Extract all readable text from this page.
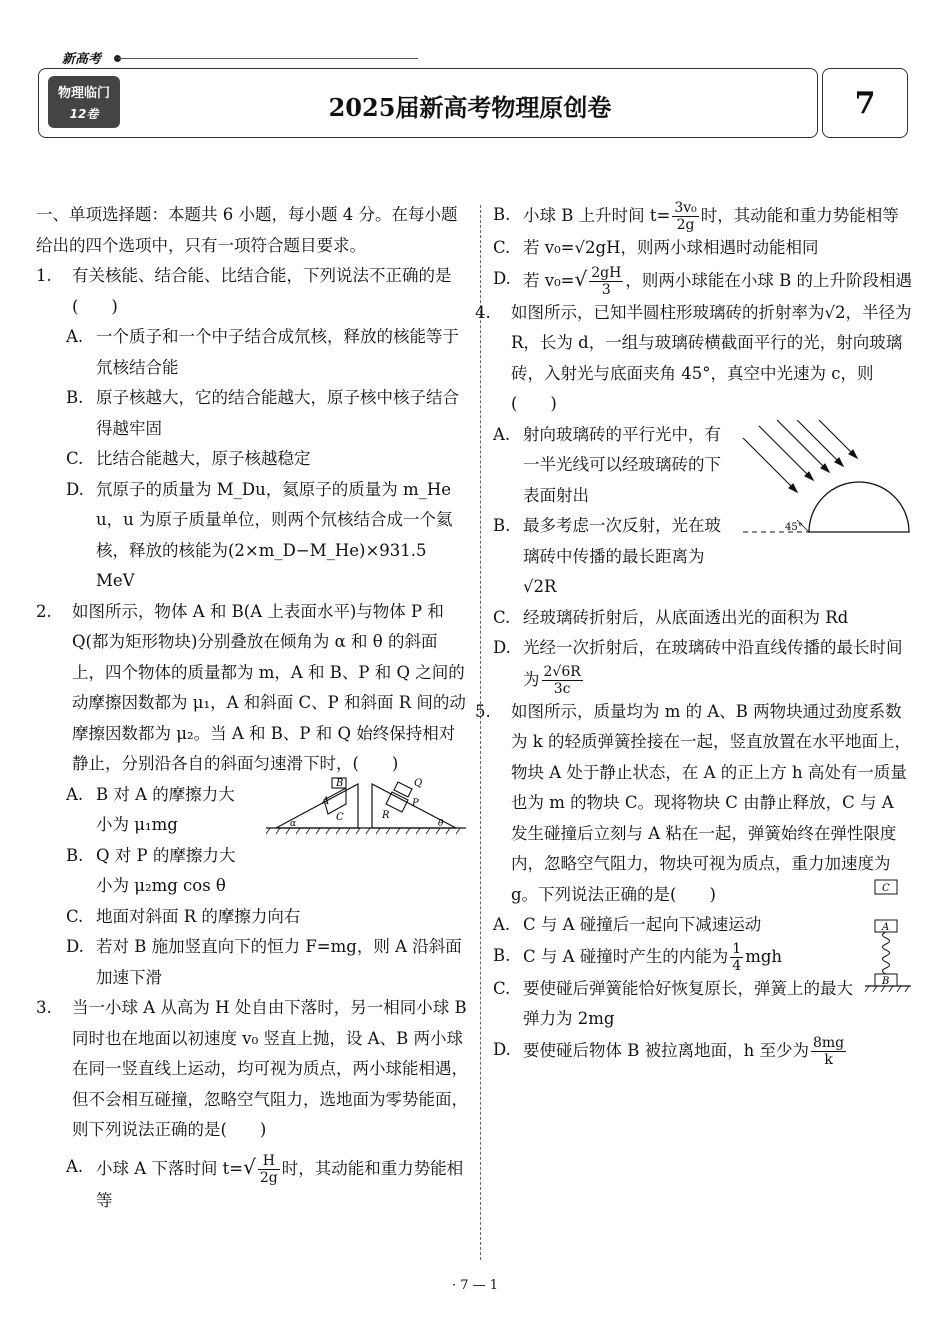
新高考
物理临门
12卷	2025届新高考物理原创卷	7
一、单项选择题：本题共 6 小题，每小题 4 分。在每小题给出的四个选项中，只有一项符合题目要求。
1. 有关核能、结合能、比结合能，下列说法不正确的是(　　)
A. 一个质子和一个中子结合成氘核，释放的核能等于氘核结合能
B. 原子核越大，它的结合能越大，原子核中核子结合得越牢固
C. 比结合能越大，原子核越稳定
D. 氘原子的质量为 M_Du，氦原子的质量为 m_He u，u 为原子质量单位，则两个氘核结合成一个氦核，释放的核能为(2×m_D−M_He)×931.5 MeV
2. 如图所示，物体 A 和 B(A 上表面水平)与物体 P 和 Q(都为矩形物块)分别叠放在倾角为 α 和 θ 的斜面上，四个物体的质量都为 m，A 和 B、P 和 Q 之间的动摩擦因数都为 μ₁，A 和斜面 C、P 和斜面 R 间的动摩擦因数都为 μ₂。当 A 和 B、P 和 Q 始终保持相对静止，分别沿各自的斜面匀速滑下时，(　　)
A. B 对 A 的摩擦力大小为 μ₁mg
B. Q 对 P 的摩擦力大小为 μ₂mg cos θ
B
A
C
α
Q
P
R
θ
C. 地面对斜面 R 的摩擦力向右
D. 若对 B 施加竖直向下的恒力 F=mg，则 A 沿斜面加速下滑
3. 当一小球 A 从高为 H 处自由下落时，另一相同小球 B 同时也在地面以初速度 v₀ 竖直上抛，设 A、B 两小球在同一竖直线上运动，均可视为质点，两小球能相遇，但不会相互碰撞，忽略空气阻力，选地面为零势能面，则下列说法正确的是(　　)
A. 小球 A 下落时间 $t=√ \frac{H}{2g}$ 时，其动能和重力势能相等
B. 小球 B 上升时间 $t= \frac{\text{3v₀}}{2g}$ 时，其动能和重力势能相等
C. 若 v₀=√2gH，则两小球相遇时动能相同
D. 若 $v_0=√ \frac{2gH}{3}$ ，则两小球能在小球 B 的上升阶段相遇
4. 如图所示，已知半圆柱形玻璃砖的折射率为√2，半径为 R，长为 d，一组与玻璃砖横截面平行的光，射向玻璃砖，入射光与底面夹角 45°，真空中光速为 c，则(　　)
A. 射向玻璃砖的平行光中，有一半光线可以经玻璃砖的下表面射出
B. 最多考虑一次反射，光在玻璃砖中传播的最长距离为√2R
45°
C. 经玻璃砖折射后，从底面透出光的面积为 Rd
D. 光经一次折射后，在玻璃砖中沿直线传播的最长时间为 $\frac{2√6R}{3c}$
5. 如图所示，质量均为 m 的 A、B 两物块通过劲度系数为 k 的轻质弹簧拴接在一起，竖直放置在水平地面上，物块 A 处于静止状态，在 A 的正上方 h 高处有一质量也为 m 的物块 C。现将物块 C 由静止释放，C 与 A 发生碰撞后立刻与 A 粘在一起，弹簧始终在弹性限度内，忽略空气阻力，物块可视为质点，重力加速度为 g。下列说法正确的是(　　)
A. C 与 A 碰撞后一起向下减速运动
B. C 与 A 碰撞时产生的内能为 $\frac{1}{4}$ mgh
C. 要使碰后弹簧能恰好恢复原长，弹簧上的最大弹力为 2mg
C
A
B
D. 要使碰后物体 B 被拉离地面，h 至少为 $\frac{8mg}{k}$
· 7 — 1
